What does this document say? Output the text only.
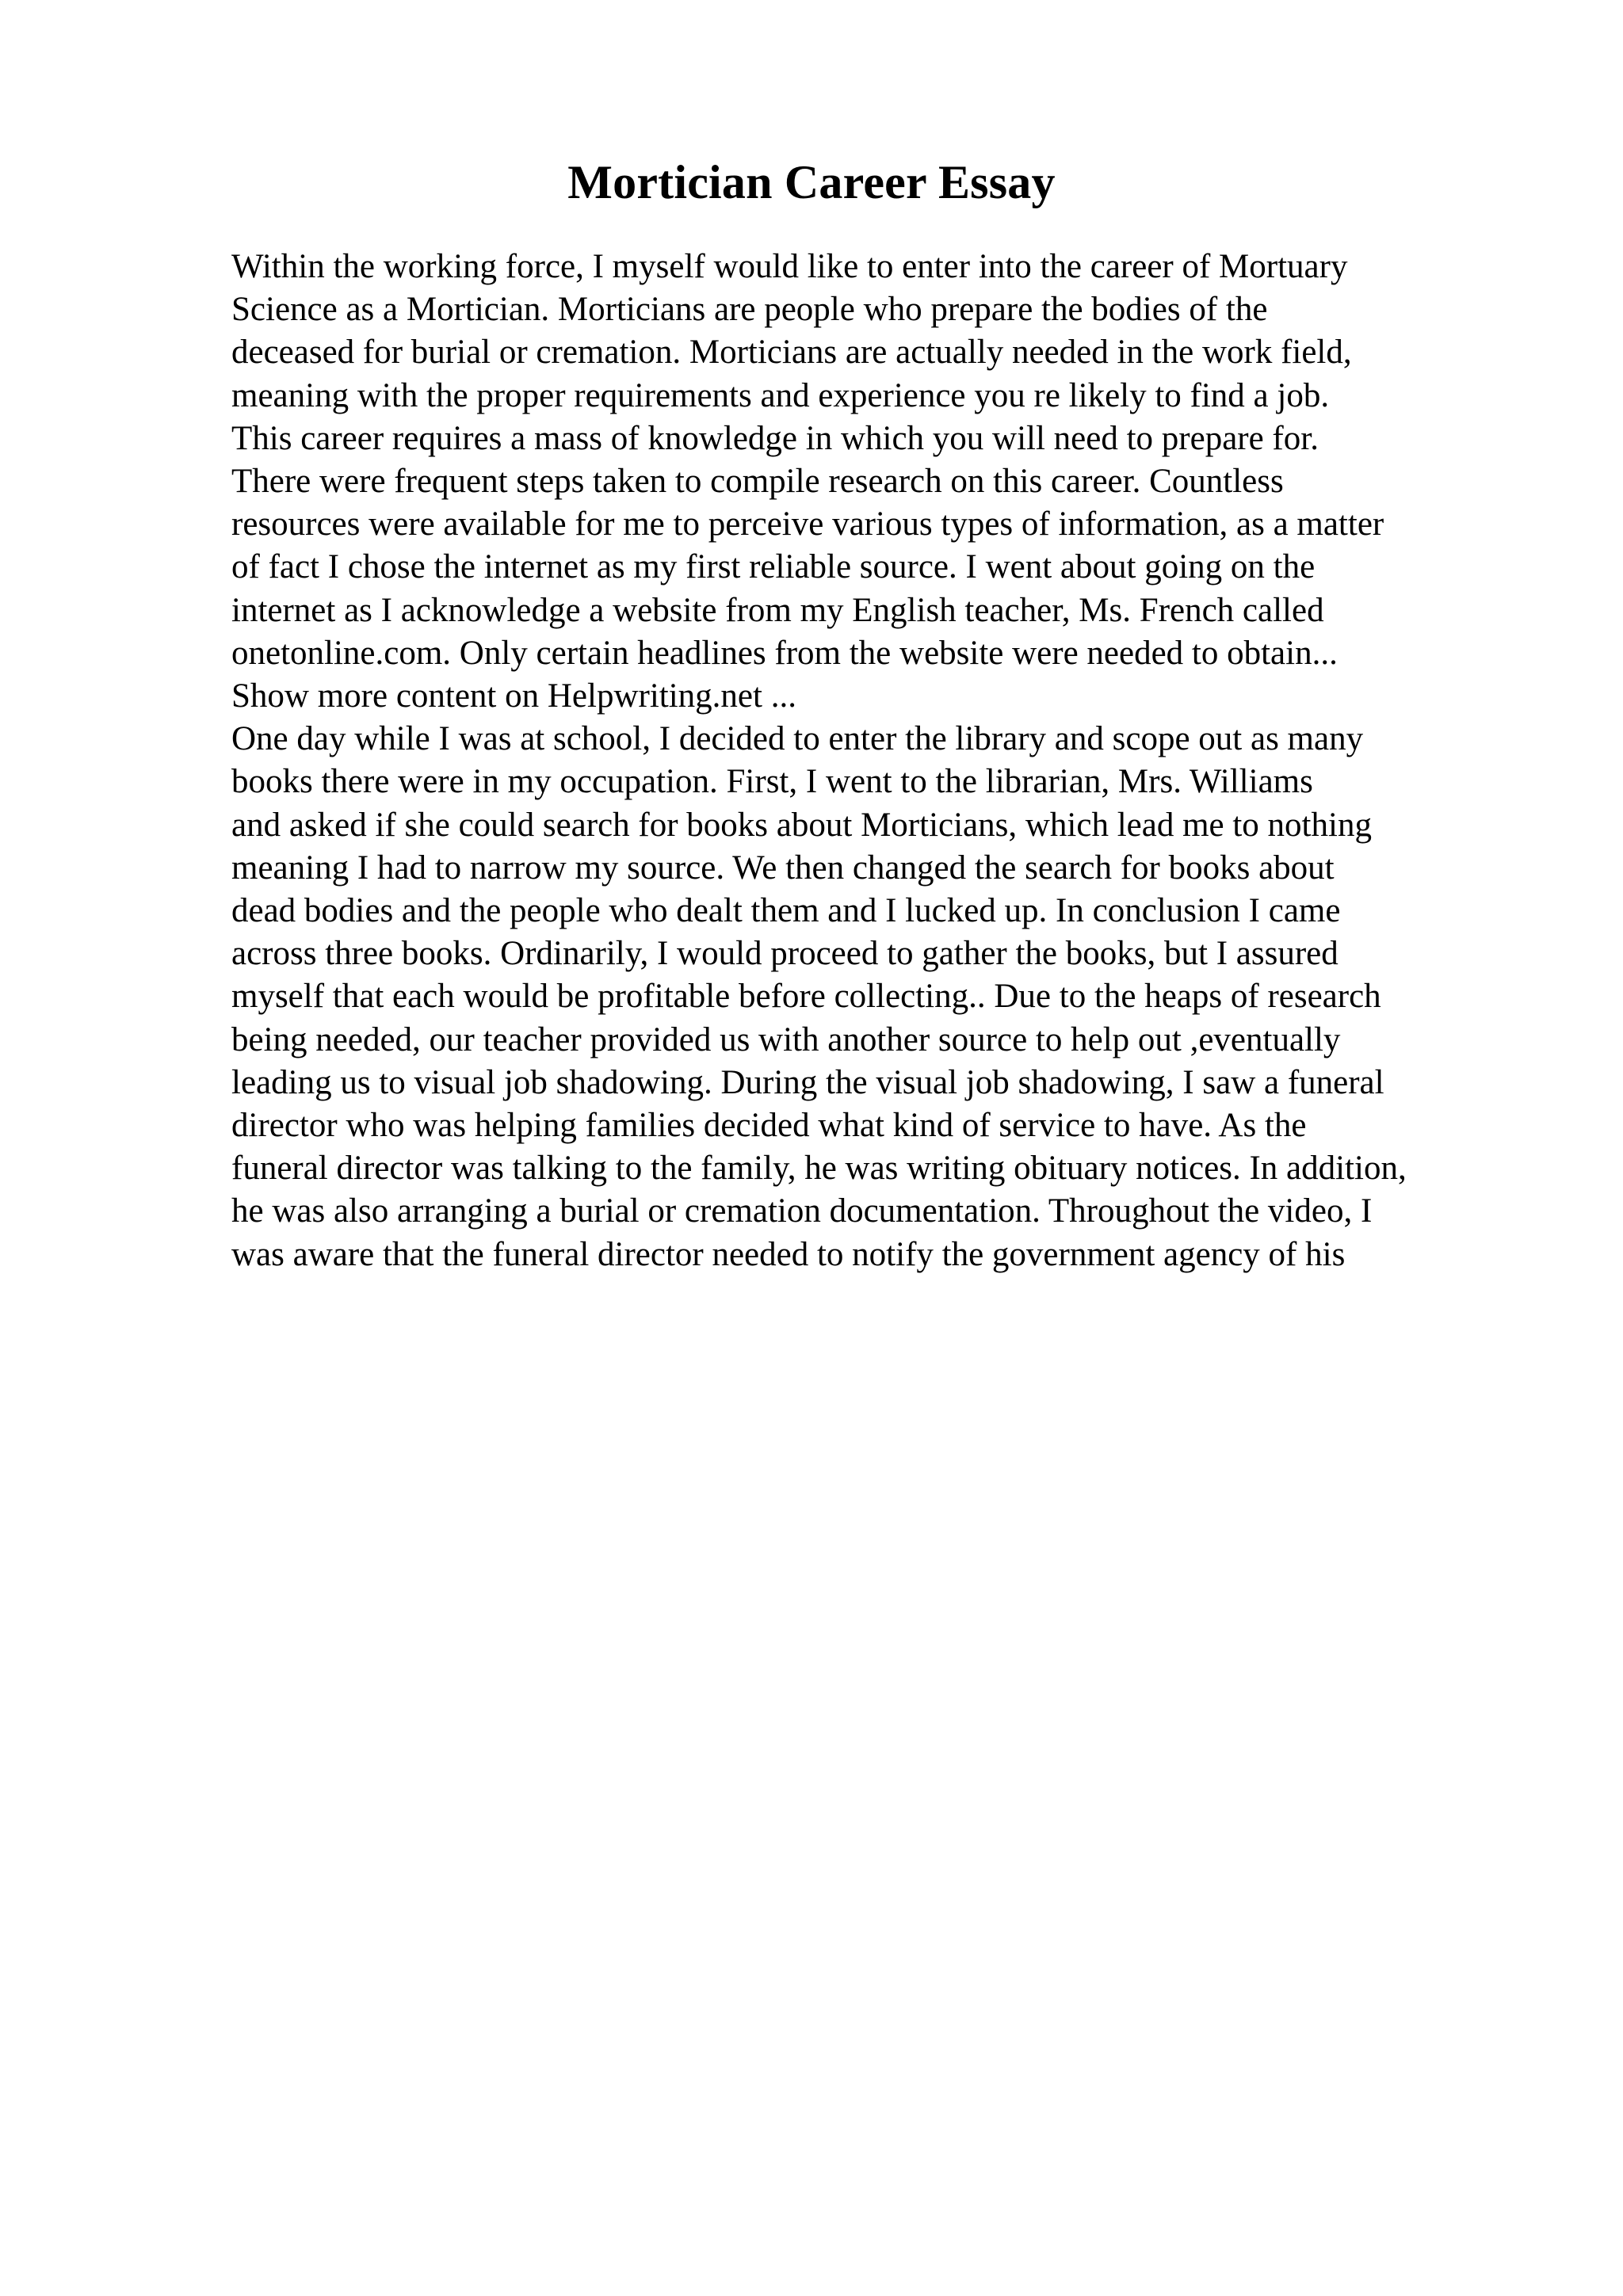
Mortician Career Essay
Within the working force, I myself would like to enter into the career of Mortuary
Science as a Mortician. Morticians are people who prepare the bodies of the
deceased for burial or cremation. Morticians are actually needed in the work field,
meaning with the proper requirements and experience you re likely to find a job.
This career requires a mass of knowledge in which you will need to prepare for.
There were frequent steps taken to compile research on this career. Countless
resources were available for me to perceive various types of information, as a matter
of fact I chose the internet as my first reliable source. I went about going on the
internet as I acknowledge a website from my English teacher, Ms. French called
onetonline.com. Only certain headlines from the website were needed to obtain...
Show more content on Helpwriting.net ...
One day while I was at school, I decided to enter the library and scope out as many
books there were in my occupation. First, I went to the librarian, Mrs. Williams
and asked if she could search for books about Morticians, which lead me to nothing
meaning I had to narrow my source. We then changed the search for books about
dead bodies and the people who dealt them and I lucked up. In conclusion I came
across three books. Ordinarily, I would proceed to gather the books, but I assured
myself that each would be profitable before collecting.. Due to the heaps of research
being needed, our teacher provided us with another source to help out ,eventually
leading us to visual job shadowing. During the visual job shadowing, I saw a funeral
director who was helping families decided what kind of service to have. As the
funeral director was talking to the family, he was writing obituary notices. In addition,
he was also arranging a burial or cremation documentation. Throughout the video, I
was aware that the funeral director needed to notify the government agency of his
